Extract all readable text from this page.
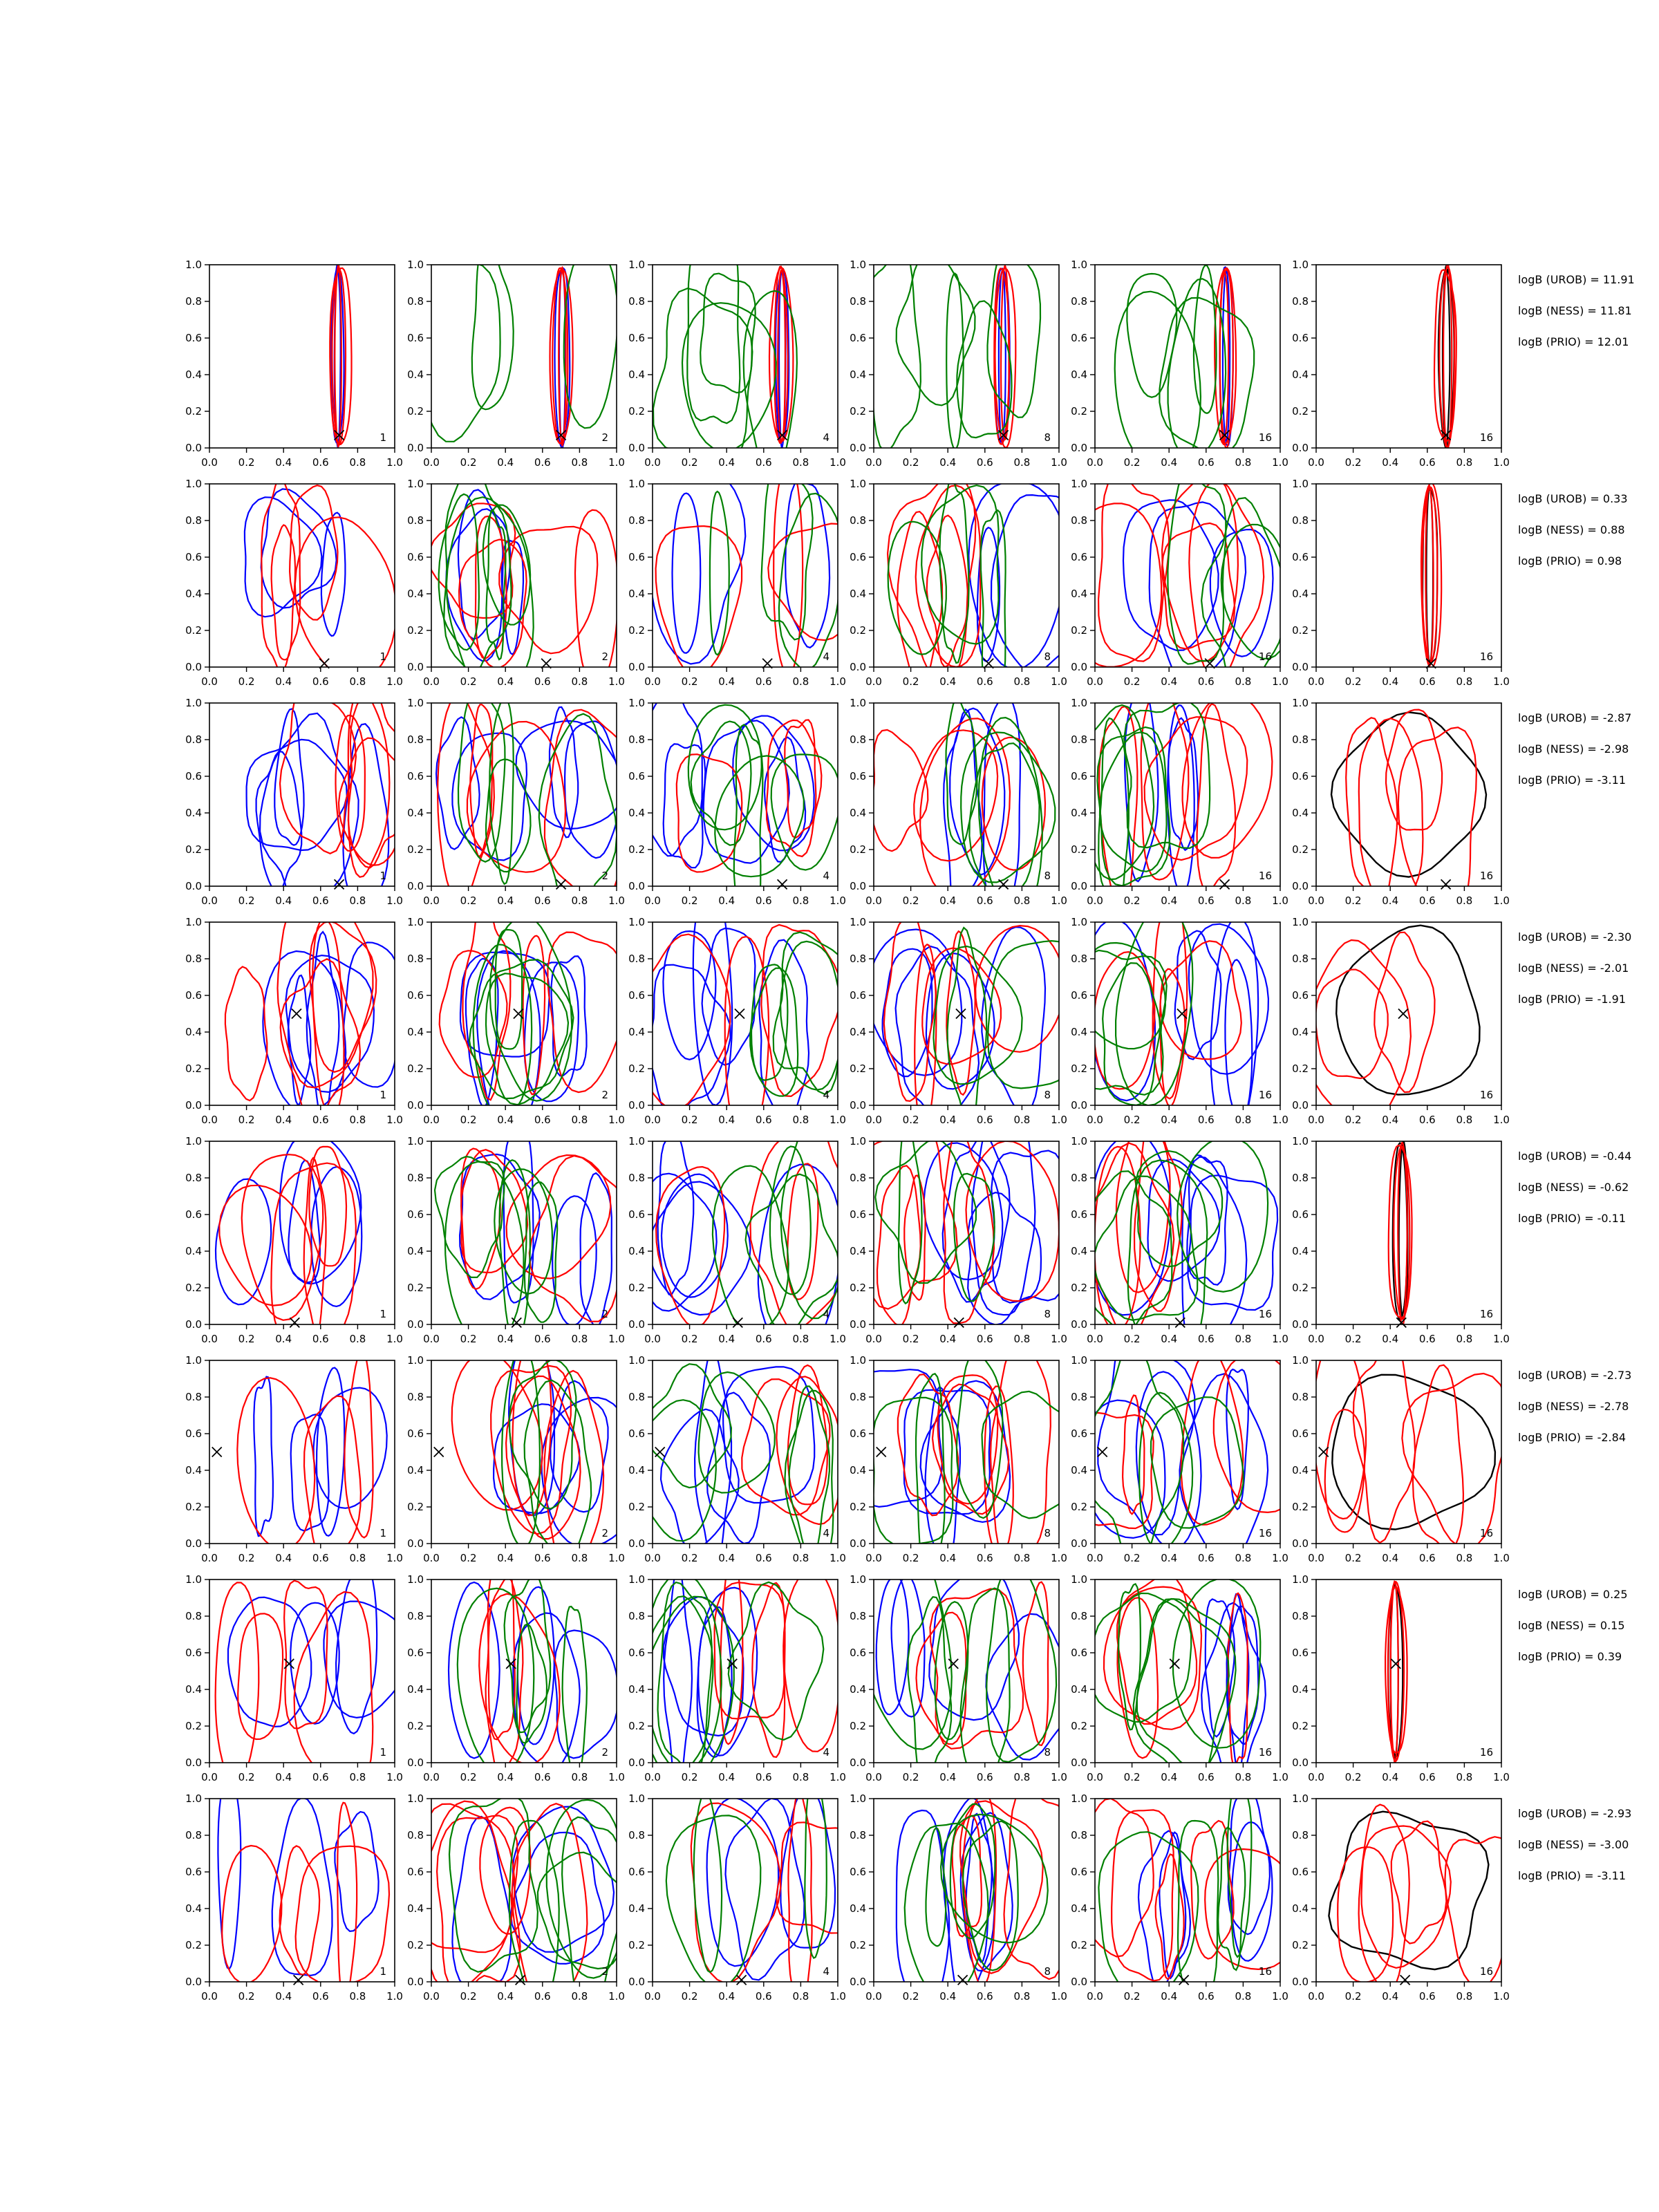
0.0 0.2 0.4 0.6 0.8 1.0
0.0
0.2
0.4
0.6
0.8
1.0
1
0.0 0.2 0.4 0.6 0.8 1.0
0.0
0.2
0.4
0.6
0.8
1.0
2
0.0 0.2 0.4 0.6 0.8 1.0
0.0
0.2
0.4
0.6
0.8
1.0
4
0.0 0.2 0.4 0.6 0.8 1.0
0.0
0.2
0.4
0.6
0.8
1.0
8
0.0 0.2 0.4 0.6 0.8 1.0
0.0
0.2
0.4
0.6
0.8
1.0
16
0.0 0.2 0.4 0.6 0.8 1.0
0.0
0.2
0.4
0.6
0.8
1.0
16
logB (UROB) = 11.91
logB (NESS) = 11.81
logB (PRIO) = 12.01
0.0 0.2 0.4 0.6 0.8 1.0
0.0
0.2
0.4
0.6
0.8
1.0
1
0.0 0.2 0.4 0.6 0.8 1.0
0.0
0.2
0.4
0.6
0.8
1.0
2
0.0 0.2 0.4 0.6 0.8 1.0
0.0
0.2
0.4
0.6
0.8
1.0
4
0.0 0.2 0.4 0.6 0.8 1.0
0.0
0.2
0.4
0.6
0.8
1.0
8
0.0 0.2 0.4 0.6 0.8 1.0
0.0
0.2
0.4
0.6
0.8
1.0
16
0.0 0.2 0.4 0.6 0.8 1.0
0.0
0.2
0.4
0.6
0.8
1.0
16
logB (UROB) = 0.33
logB (NESS) = 0.88
logB (PRIO) = 0.98
0.0 0.2 0.4 0.6 0.8 1.0
0.0
0.2
0.4
0.6
0.8
1.0
1
0.0 0.2 0.4 0.6 0.8 1.0
0.0
0.2
0.4
0.6
0.8
1.0
2
0.0 0.2 0.4 0.6 0.8 1.0
0.0
0.2
0.4
0.6
0.8
1.0
4
0.0 0.2 0.4 0.6 0.8 1.0
0.0
0.2
0.4
0.6
0.8
1.0
8
0.0 0.2 0.4 0.6 0.8 1.0
0.0
0.2
0.4
0.6
0.8
1.0
16
0.0 0.2 0.4 0.6 0.8 1.0
0.0
0.2
0.4
0.6
0.8
1.0
16
logB (UROB) = -2.87
logB (NESS) = -2.98
logB (PRIO) = -3.11
0.0 0.2 0.4 0.6 0.8 1.0
0.0
0.2
0.4
0.6
0.8
1.0
1
0.0 0.2 0.4 0.6 0.8 1.0
0.0
0.2
0.4
0.6
0.8
1.0
2
0.0 0.2 0.4 0.6 0.8 1.0
0.0
0.2
0.4
0.6
0.8
1.0
4
0.0 0.2 0.4 0.6 0.8 1.0
0.0
0.2
0.4
0.6
0.8
1.0
8
0.0 0.2 0.4 0.6 0.8 1.0
0.0
0.2
0.4
0.6
0.8
1.0
16
0.0 0.2 0.4 0.6 0.8 1.0
0.0
0.2
0.4
0.6
0.8
1.0
16
logB (UROB) = -2.30
logB (NESS) = -2.01
logB (PRIO) = -1.91
0.0 0.2 0.4 0.6 0.8 1.0
0.0
0.2
0.4
0.6
0.8
1.0
1
0.0 0.2 0.4 0.6 0.8 1.0
0.0
0.2
0.4
0.6
0.8
1.0
2
0.0 0.2 0.4 0.6 0.8 1.0
0.0
0.2
0.4
0.6
0.8
1.0
4
0.0 0.2 0.4 0.6 0.8 1.0
0.0
0.2
0.4
0.6
0.8
1.0
8
0.0 0.2 0.4 0.6 0.8 1.0
0.0
0.2
0.4
0.6
0.8
1.0
16
0.0 0.2 0.4 0.6 0.8 1.0
0.0
0.2
0.4
0.6
0.8
1.0
16
logB (UROB) = -0.44
logB (NESS) = -0.62
logB (PRIO) = -0.11
0.0 0.2 0.4 0.6 0.8 1.0
0.0
0.2
0.4
0.6
0.8
1.0
1
0.0 0.2 0.4 0.6 0.8 1.0
0.0
0.2
0.4
0.6
0.8
1.0
2
0.0 0.2 0.4 0.6 0.8 1.0
0.0
0.2
0.4
0.6
0.8
1.0
4
0.0 0.2 0.4 0.6 0.8 1.0
0.0
0.2
0.4
0.6
0.8
1.0
8
0.0 0.2 0.4 0.6 0.8 1.0
0.0
0.2
0.4
0.6
0.8
1.0
16
0.0 0.2 0.4 0.6 0.8 1.0
0.0
0.2
0.4
0.6
0.8
1.0
16
logB (UROB) = -2.73
logB (NESS) = -2.78
logB (PRIO) = -2.84
0.0 0.2 0.4 0.6 0.8 1.0
0.0
0.2
0.4
0.6
0.8
1.0
1
0.0 0.2 0.4 0.6 0.8 1.0
0.0
0.2
0.4
0.6
0.8
1.0
2
0.0 0.2 0.4 0.6 0.8 1.0
0.0
0.2
0.4
0.6
0.8
1.0
4
0.0 0.2 0.4 0.6 0.8 1.0
0.0
0.2
0.4
0.6
0.8
1.0
8
0.0 0.2 0.4 0.6 0.8 1.0
0.0
0.2
0.4
0.6
0.8
1.0
16
0.0 0.2 0.4 0.6 0.8 1.0
0.0
0.2
0.4
0.6
0.8
1.0
16
logB (UROB) = 0.25
logB (NESS) = 0.15
logB (PRIO) = 0.39
0.0 0.2 0.4 0.6 0.8 1.0
0.0
0.2
0.4
0.6
0.8
1.0
1
0.0 0.2 0.4 0.6 0.8 1.0
0.0
0.2
0.4
0.6
0.8
1.0
2
0.0 0.2 0.4 0.6 0.8 1.0
0.0
0.2
0.4
0.6
0.8
1.0
4
0.0 0.2 0.4 0.6 0.8 1.0
0.0
0.2
0.4
0.6
0.8
1.0
8
0.0 0.2 0.4 0.6 0.8 1.0
0.0
0.2
0.4
0.6
0.8
1.0
16
0.0 0.2 0.4 0.6 0.8 1.0
0.0
0.2
0.4
0.6
0.8
1.0
16
logB (UROB) = -2.93
logB (NESS) = -3.00
logB (PRIO) = -3.11
